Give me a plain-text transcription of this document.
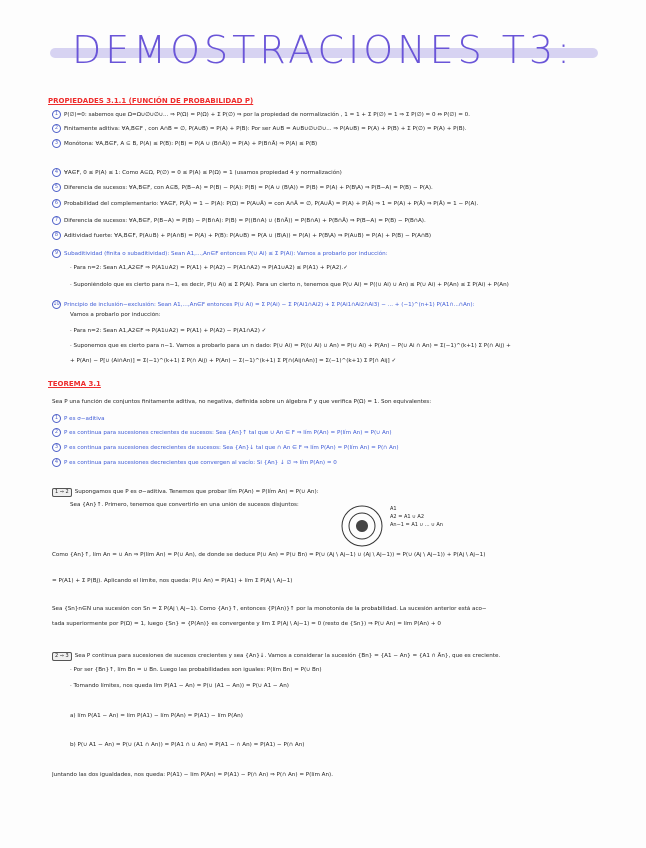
DEMOSTRACIONES T3:
PROPIEDADES 3.1.1 (FUNCIÓN DE PROBABILIDAD P)
1 P(∅)=0: sabemos que Ω=Ω∪∅∪∅∪... ⇒ P(Ω) = P(Ω) + Σ P(∅) ⇒ por la propiedad de normalización , 1 = 1 + Σ P(∅) = 1 ⇒ Σ P(∅) = 0 ⇔ P(∅) = 0.
2 Finitamente aditiva: ∀A,B∈F , con A∩B = ∅, P(A∪B) = P(A) + P(B): Por ser A∪B = A∪B∪∅∪∅∪... ⇒ P(A∪B) = P(A) + P(B) + Σ P(∅) = P(A) + P(B).
3 Monótona: ∀A,B∈F, A ⊆ B, P(A) ≤ P(B): P(B) = P(A ∪ (B∩Ā)) = P(A) + P(B∩Ā) ⇒ P(A) ≤ P(B)
4 ∀A∈F, 0 ≤ P(A) ≤ 1: Como A⊆Ω, P(∅) = 0 ≤ P(A) ≤ P(Ω) = 1 (usamos propiedad 4 y normalización)
5 Diferencia de sucesos: ∀A,B∈F, con A⊆B, P(B−A) = P(B) − P(A): P(B) = P(A ∪ (B\A)) = P(B) = P(A) + P(B\A) ⇒ P(B−A) = P(B) − P(A).
6 Probabilidad del complementario: ∀A∈F, P(Ā) = 1 − P(A): P(Ω) = P(A∪Ā) = con A∩Ā = ∅, P(A∪Ā) = P(A) + P(Ā) ⇒ 1 = P(A) + P(Ā) ⇒ P(Ā) = 1 − P(A).
7 Diferencia de sucesos: ∀A,B∈F, P(B−A) = P(B) − P(B∩A): P(B) = P((B∩A) ∪ (B∩Ā)) = P(B∩A) + P(B∩Ā) ⇒ P(B−A) = P(B) − P(B∩A).
8 Aditividad fuerte: ∀A,B∈F, P(A∪B) + P(A∩B) = P(A) + P(B): P(A∪B) = P(A ∪ (B\A)) = P(A) + P(B\A) ⇒ P(A∪B) = P(A) + P(B) − P(A∩B)
9 Subaditividad (finita o subaditividad): Sean A1,...,An∈F entonces P(∪ Ai) ≤ Σ P(Ai): Vamos a probarlo por inducción:
· Para n=2: Sean A1,A2∈F ⇒ P(A1∪A2) = P(A1) + P(A2) − P(A1∩A2) ⇒ P(A1∪A2) ≤ P(A1) + P(A2).✓
· Suponiéndolo que es cierto para n−1, es decir, P(∪ Ai) ≤ Σ P(Ai). Para un cierto n, tenemos que P(∪ Ai) = P((∪ Ai) ∪ An) ≤ P(∪ Ai) + P(An) ≤ Σ P(Ai) + P(An)
10 Principio de inclusión−exclusión: Sean A1,...,An∈F entonces P(∪ Ai) = Σ P(Ai) − Σ P(Ai1∩Ai2) + Σ P(Ai1∩Ai2∩Ai3) − ... + (−1)^(n+1) P(A1∩...∩An):
Vamos a probarlo por inducción:
· Para n=2: Sean A1,A2∈F ⇒ P(A1∪A2) = P(A1) + P(A2) − P(A1∩A2) ✓
· Suponemos que es cierto para n−1. Vamos a probarlo para un n dado: P(∪ Ai) = P((∪ Ai) ∪ An) = P(∪ Ai) + P(An) − P(∪ Ai ∩ An) = Σ(−1)^(k+1) Σ P(∩ Aij) +
+ P(An) − P[∪ (Ai∩An)] = Σ(−1)^(k+1) Σ P(∩ Aij) + P(An) − Σ(−1)^(k+1) Σ P[∩(Aij∩An)] = Σ(−1)^(k+1) Σ P[∩ Aij] ✓
TEOREMA 3.1
Sea P una función de conjuntos finitamente aditiva, no negativa, definida sobre un álgebra F y que verifica P(Ω) = 1. Son equivalentes:
1 P es σ−aditiva
2 P es continua para sucesiones crecientes de sucesos: Sea {An}↑ tal que ∪ An ∈ F ⇒ lím P(An) = P(lím An) = P(∪ An)
3 P es continua para sucesiones decrecientes de sucesos: Sea {An}↓ tal que ∩ An ∈ F ⇒ lím P(An) = P(lím An) = P(∩ An)
4 P es continua para sucesiones decrecientes que convergen al vacío: Si {An} ↓ ∅ ⇒ lím P(An) = 0
1 ⇒ 2 Supongamos que P es σ−aditiva. Tenemos que probar lím P(An) = P(lím An) = P(∪ An):
Sea {An}↑. Primero, tenemos que convertirlo en una unión de sucesos disjuntos:
A1
A2 = A1 ∪ A2
An−1 = A1 ∪ ... ∪ An
Como {An}↑, lím An = ∪ An ⇒ P(lím An) = P(∪ An), de donde se deduce P(∪ An) = P(∪ Bn) = P(∪ (Aj \ Aj−1) ∪ (Aj \ Aj−1)) = P(∪ (Aj \ Aj−1)) + P(Aj \ Aj−1)
= P(A1) + Σ P(Bj). Aplicando el límite, nos queda: P(∪ An) = P(A1) + lím Σ P(Aj \ Aj−1)
Sea {Sn}n∈N una sucesión con Sn = Σ P(Aj \ Aj−1). Como {An}↑, entonces {P(An)}↑ por la monotonía de la probabilidad. La sucesión anterior está aco−
tada superiormente por P(Ω) = 1, luego {Sn} = {P(An)} es convergente y lím Σ P(Aj \ Aj−1) = 0 (resto de {Sn}) ⇒ P(∪ An) = lím P(An) + 0
2 ⇒ 3 Sea P continua para sucesiones de sucesos crecientes y sea {An}↓. Vamos a considerar la sucesión {Bn} = {A1 − An} = {A1 ∩ Ān}, que es creciente.
· Por ser {Bn}↑, lím Bn = ∪ Bn. Luego las probabilidades son iguales: P(lím Bn) = P(∪ Bn)
· Tomando límites, nos queda lím P(A1 − An) = P(∪ (A1 − An)) = P(∪ A1 − An)
a) lím P(A1 − An) = lím P(A1) − lím P(An) = P(A1) − lím P(An)
b) P(∪ A1 − An) = P(∪ (A1 ∩ Ān)) = P(A1 ∩ ∪ Ān) = P(A1 − ∩ An) = P(A1) − P(∩ An)
Juntando las dos igualdades, nos queda: P(A1) − lím P(An) = P(A1) − P(∩ An) ⇒ P(∩ An) = P(lím An).
